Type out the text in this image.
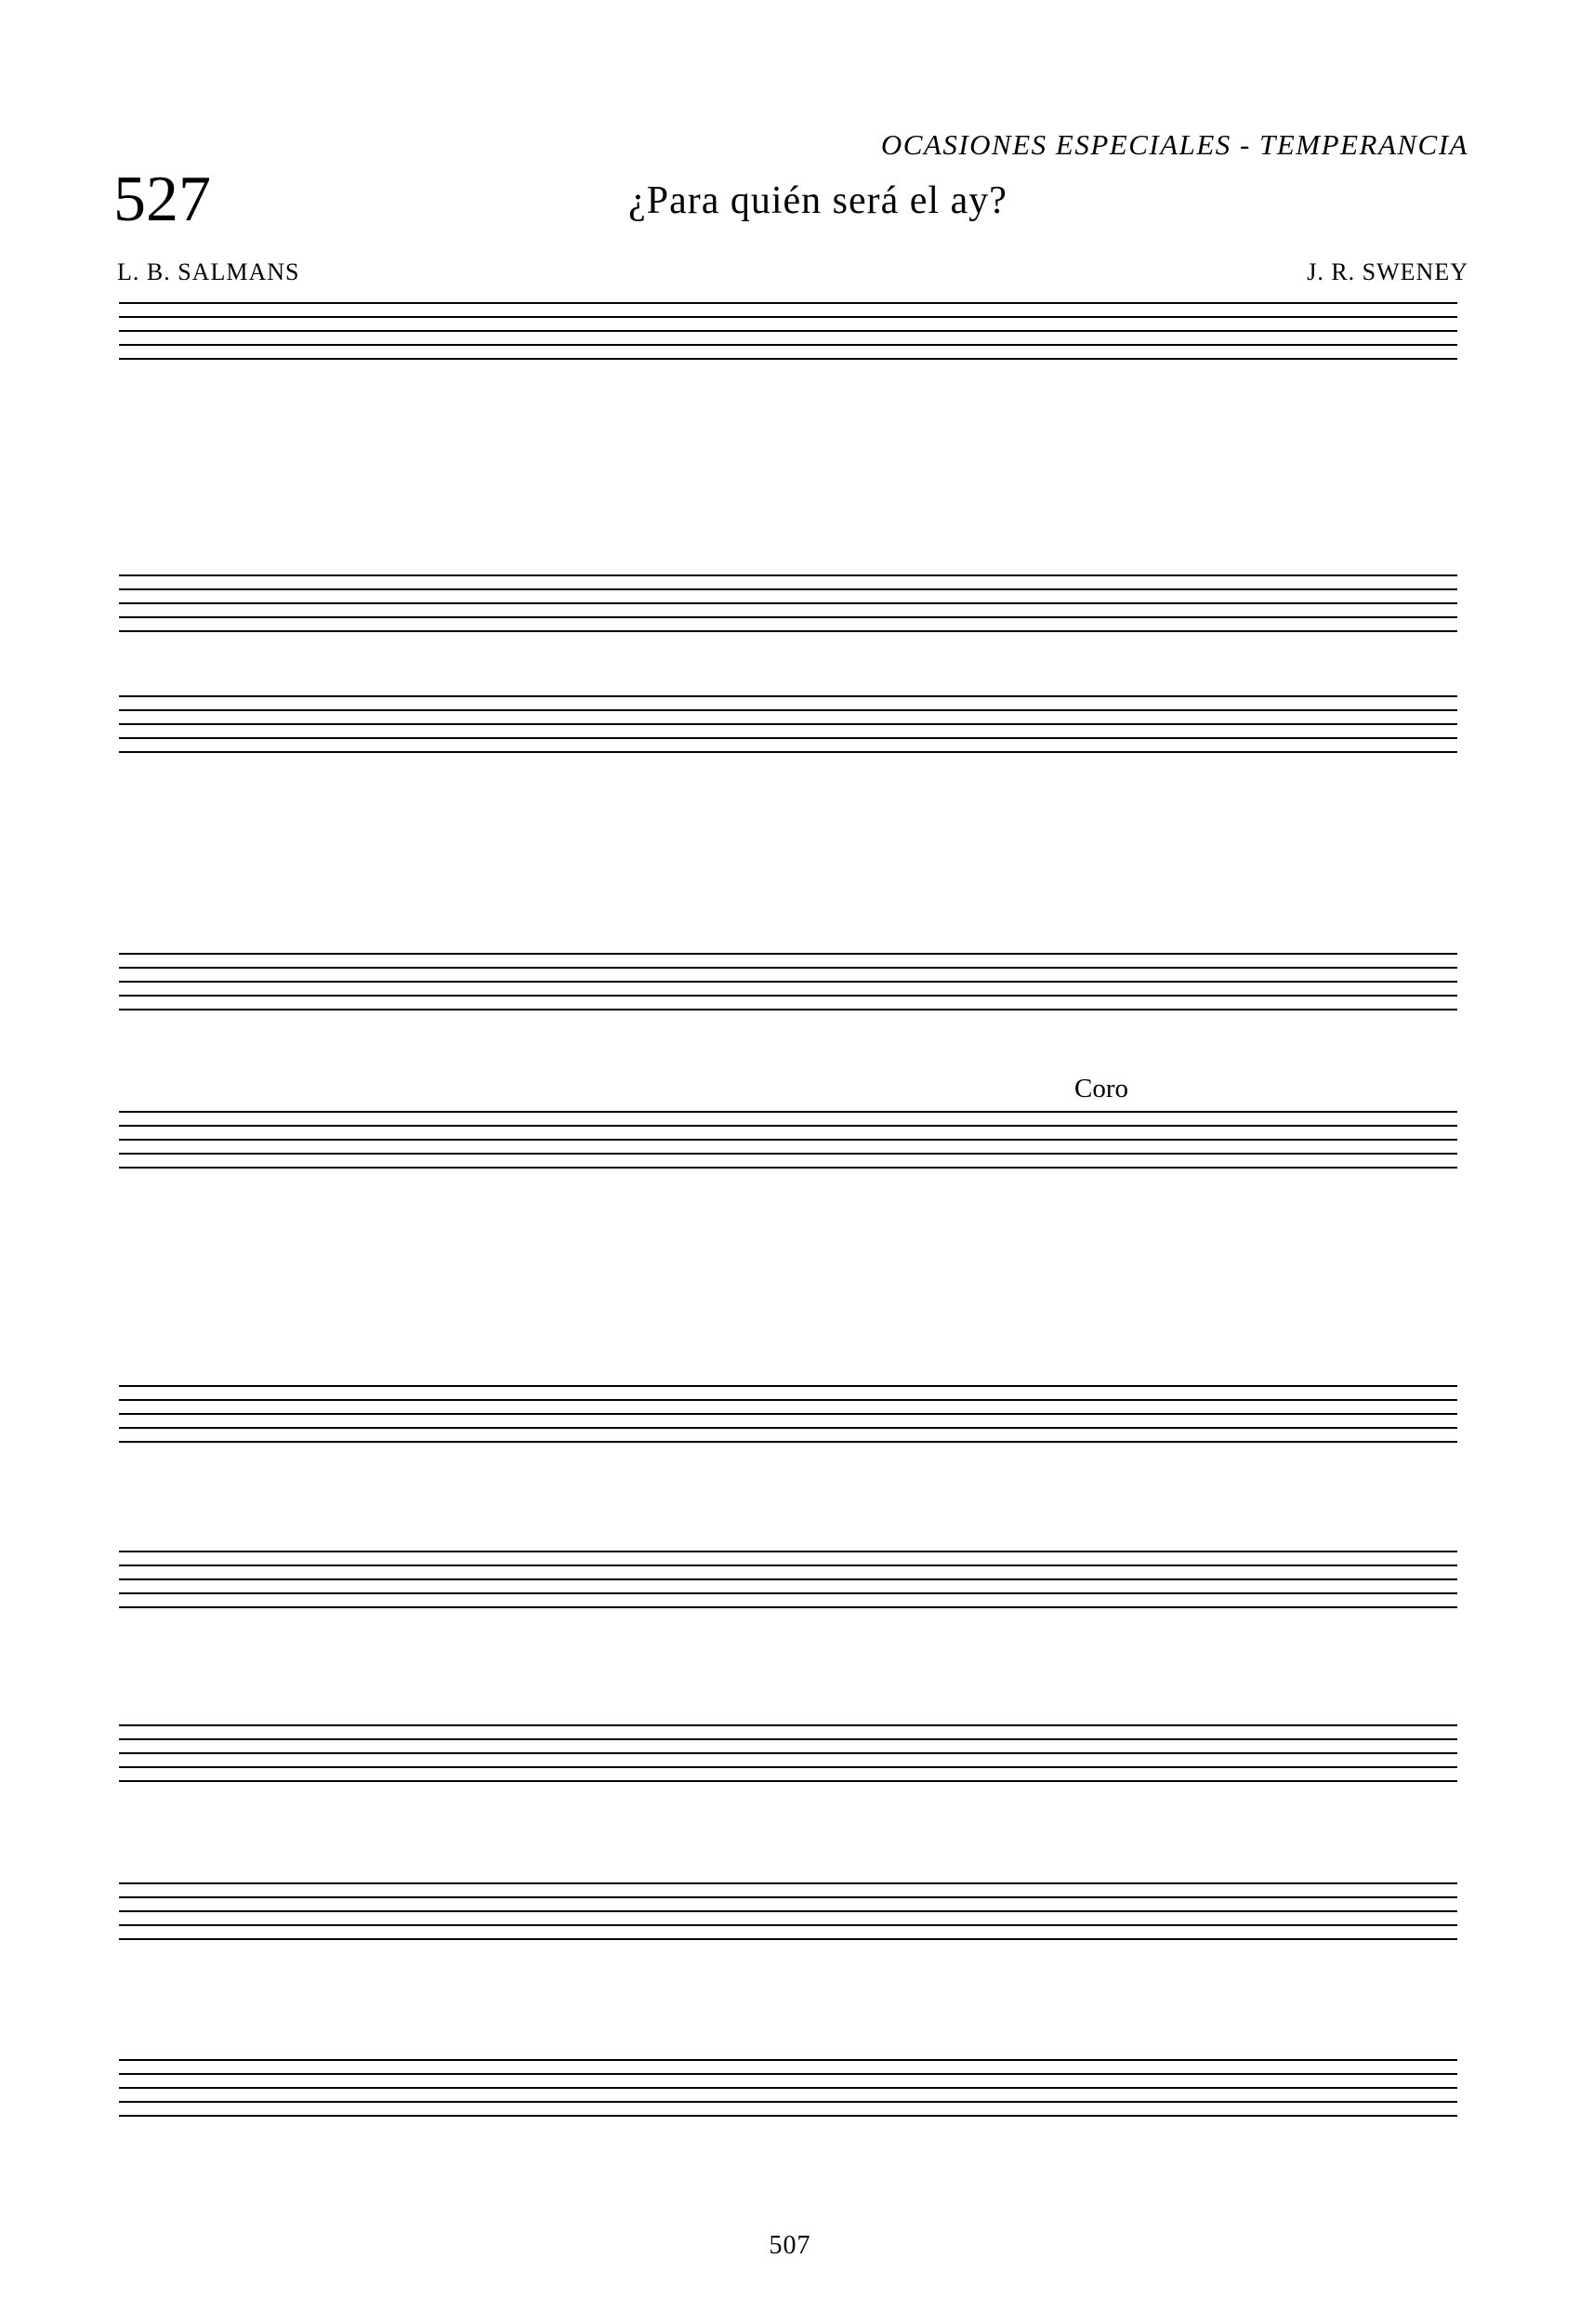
OCASIONES ESPECIALES - TEMPERANCIA
527	¿Para quién será el ay?
L. B. SALMANS	J. R. SWENEY
Coro
507
